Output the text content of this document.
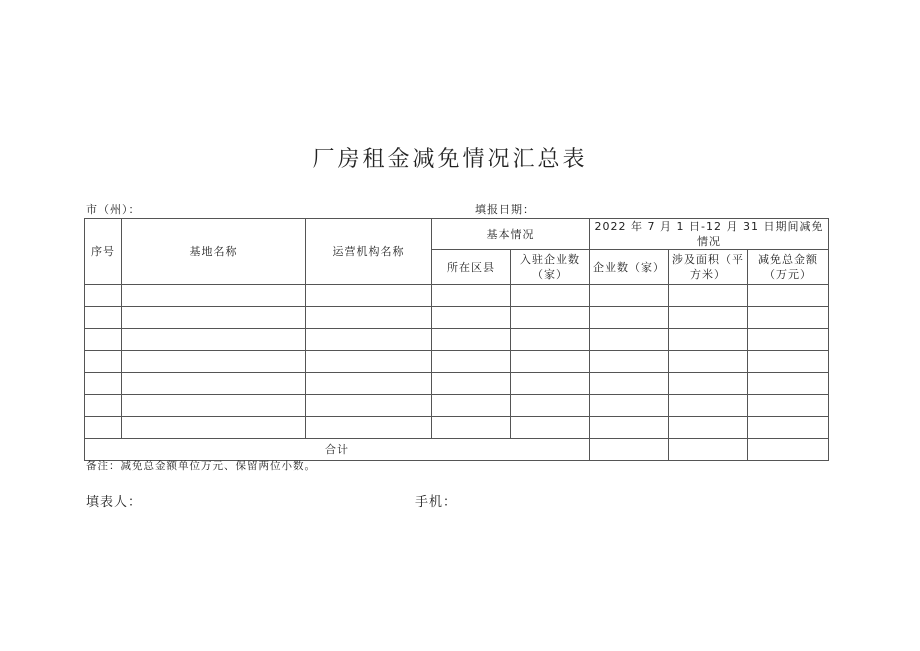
厂房租金减免情况汇总表
市（州）：	填报日期：
序号	基地名称	运营机构名称	基本情况		2022 年 7 月 1 日-12 月 31 日期间减免情况		
			所在区县	入驻企业数（家）	企业数（家）	涉及面积（平方米）	减免总金额（万元）

合计							
备注：减免总金额单位万元、保留两位小数。
填表人：	手机：
